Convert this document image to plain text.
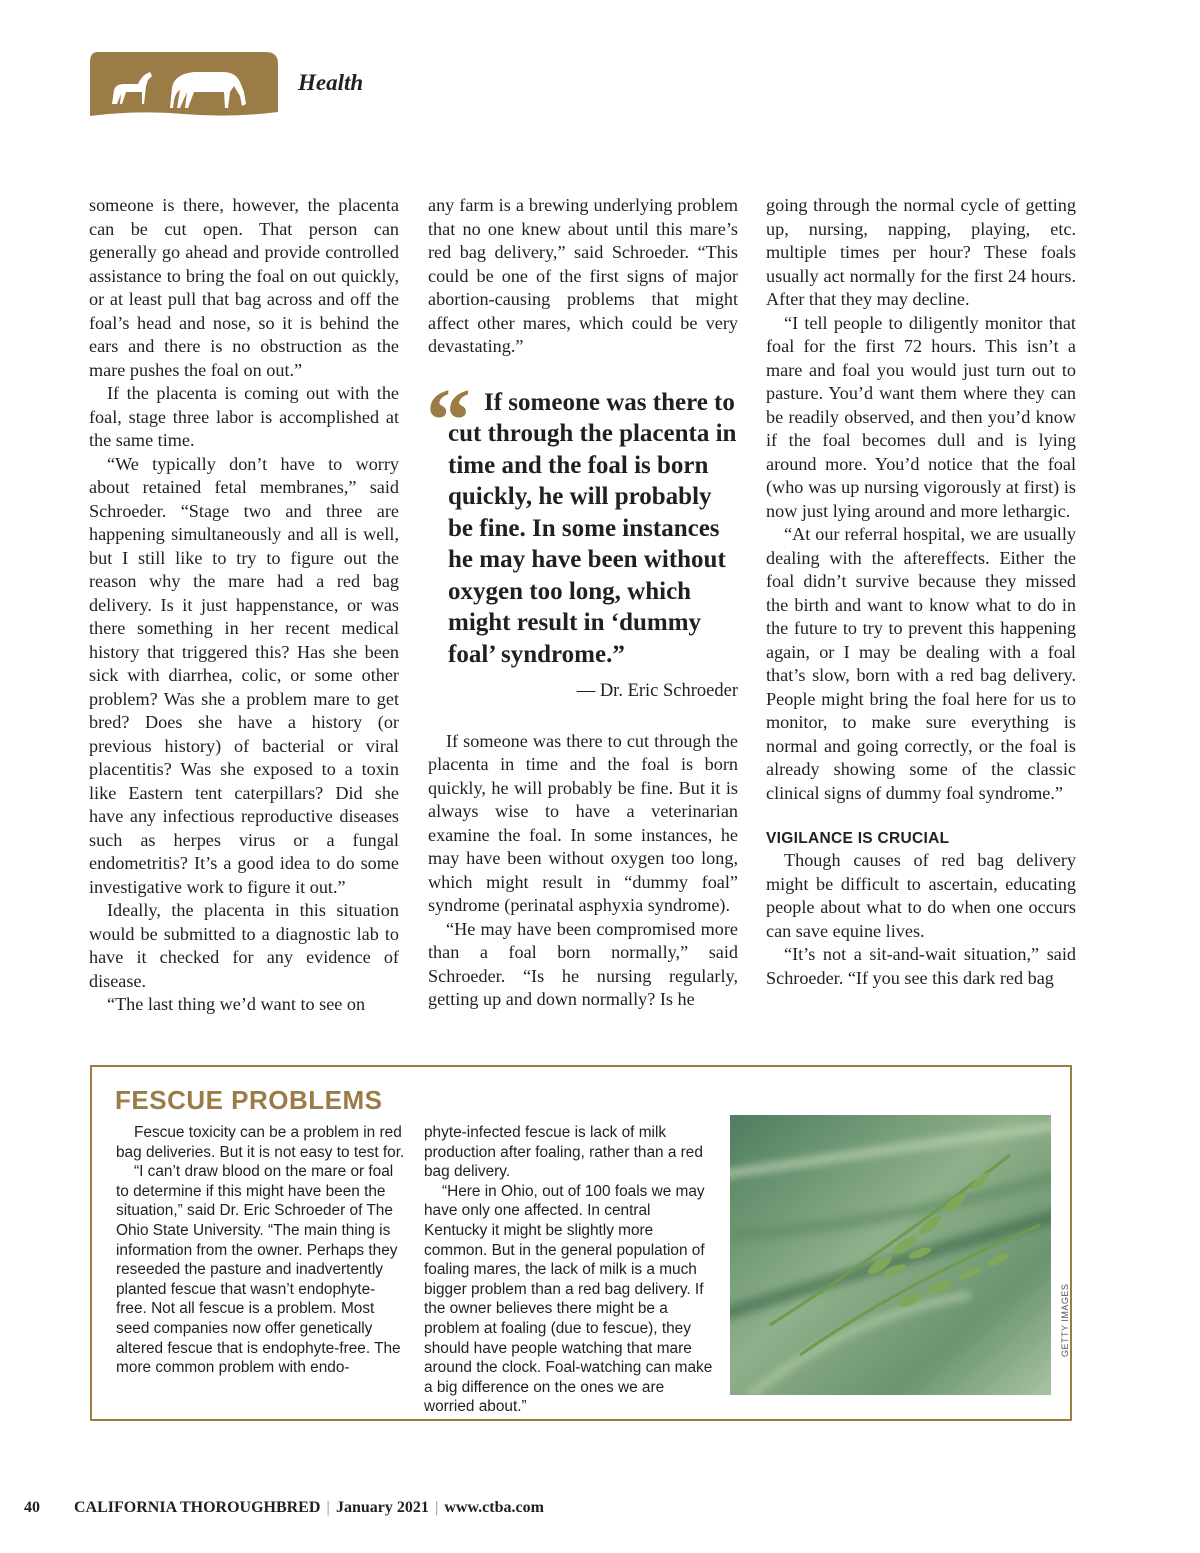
Health

someone is there, however, the placenta can be cut open. That person can generally go ahead and provide controlled assistance to bring the foal on out quickly, or at least pull that bag across and off the foal’s head and nose, so it is behind the ears and there is no obstruction as the mare pushes the foal on out.”

If the placenta is coming out with the foal, stage three labor is accomplished at the same time.

“We typically don’t have to worry about retained fetal membranes,” said Schroeder. “Stage two and three are happening simultaneously and all is well, but I still like to try to figure out the reason why the mare had a red bag delivery. Is it just happenstance, or was there something in her recent medical history that triggered this? Has she been sick with diarrhea, colic, or some other problem? Was she a problem mare to get bred? Does she have a history (or previous history) of bacterial or viral placentitis? Was she exposed to a toxin like Eastern tent caterpillars? Did she have any infectious reproductive diseases such as herpes virus or a fungal endometritis? It’s a good idea to do some investigative work to figure it out.”

Ideally, the placenta in this situation would be submitted to a diagnostic lab to have it checked for any evidence of disease.

“The last thing we’d want to see on

any farm is a brewing underlying problem that no one knew about until this mare’s red bag delivery,” said Schroeder. “This could be one of the first signs of major abortion-causing problems that might affect other mares, which could be very devastating.”

“ If someone was there to cut through the placenta in time and the foal is born quickly, he will probably be fine. In some instances he may have been without oxygen too long, which might result in ‘dummy foal’ syndrome.”

— Dr. Eric Schroeder

If someone was there to cut through the placenta in time and the foal is born quickly, he will probably be fine. But it is always wise to have a veterinarian examine the foal. In some instances, he may have been without oxygen too long, which might result in “dummy foal” syndrome (perinatal asphyxia syndrome).

“He may have been compromised more than a foal born normally,” said Schroeder. “Is he nursing regularly, getting up and down normally? Is he

going through the normal cycle of getting up, nursing, napping, playing, etc. multiple times per hour? These foals usually act normally for the first 24 hours. After that they may decline.

“I tell people to diligently monitor that foal for the first 72 hours. This isn’t a mare and foal you would just turn out to pasture. You’d want them where they can be readily observed, and then you’d know if the foal becomes dull and is lying around more. You’d notice that the foal (who was up nursing vigorously at first) is now just lying around and more lethargic.

“At our referral hospital, we are usually dealing with the aftereffects. Either the foal didn’t survive because they missed the birth and want to know what to do in the future to try to prevent this happening again, or I may be dealing with a foal that’s slow, born with a red bag delivery. People might bring the foal here for us to monitor, to make sure everything is normal and going correctly, or the foal is already showing some of the classic clinical signs of dummy foal syndrome.”

VIGILANCE IS CRUCIAL

Though causes of red bag delivery might be difficult to ascertain, educating people about what to do when one occurs can save equine lives.

“It’s not a sit-and-wait situation,” said Schroeder. “If you see this dark red bag

FESCUE PROBLEMS

Fescue toxicity can be a problem in red bag deliveries. But it is not easy to test for.

“I can’t draw blood on the mare or foal to determine if this might have been the situation,” said Dr. Eric Schroeder of The Ohio State University. “The main thing is information from the owner. Perhaps they reseeded the pasture and inadvertently planted fescue that wasn’t endophyte-free. Not all fescue is a problem. Most seed companies now offer genetically altered fescue that is endophyte-free. The more common problem with endo-

phyte-infected fescue is lack of milk production after foaling, rather than a red bag delivery.

“Here in Ohio, out of 100 foals we may have only one affected. In central Kentucky it might be slightly more common. But in the general population of foaling mares, the lack of milk is a much bigger problem than a red bag delivery. If the owner believes there might be a problem at foaling (due to fescue), they should have people watching that mare around the clock. Foal-watching can make a big difference on the ones we are worried about.”

GETTY IMAGES
40 CALIFORNIA THOROUGHBRED | January 2021 | www.ctba.com
